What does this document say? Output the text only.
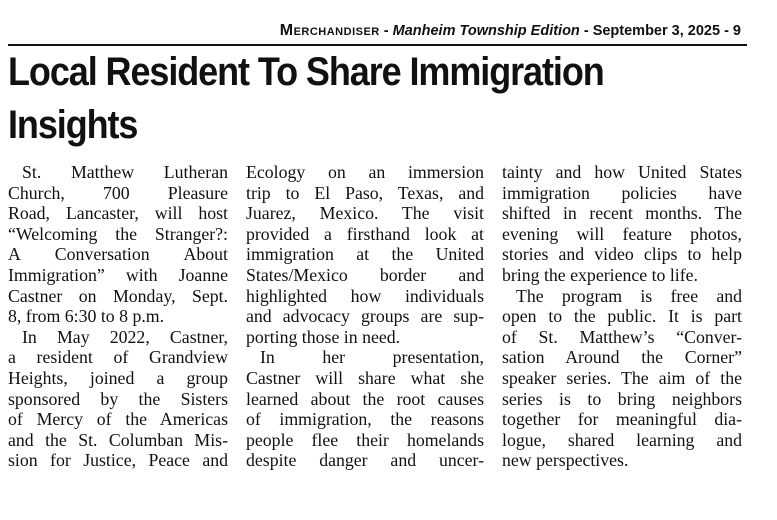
Merchandiser - Manheim Township Edition - September 3, 2025 - 9
Local Resident To Share Immigration
Insights
St. Matthew Lutheran
Church, 700 Pleasure
Road, Lancaster, will host
“Welcoming the Stranger?:
A Conversation About
Immigration” with Joanne
Castner on Monday, Sept.
8, from 6:30 to 8 p.m.
In May 2022, Castner,
a resident of Grandview
Heights, joined a group
sponsored by the Sisters
of Mercy of the Americas
and the St. Columban Mis-
sion for Justice, Peace and
Ecology on an immersion
trip to El Paso, Texas, and
Juarez, Mexico. The visit
provided a firsthand look at
immigration at the United
States/Mexico border and
highlighted how individuals
and advocacy groups are sup-
porting those in need.
In her presentation,
Castner will share what she
learned about the root causes
of immigration, the reasons
people flee their homelands
despite danger and uncer-
tainty and how United States
immigration policies have
shifted in recent months. The
evening will feature photos,
stories and video clips to help
bring the experience to life.
The program is free and
open to the public. It is part
of St. Matthew’s “Conver-
sation Around the Corner”
speaker series. The aim of the
series is to bring neighbors
together for meaningful dia-
logue, shared learning and
new perspectives.
